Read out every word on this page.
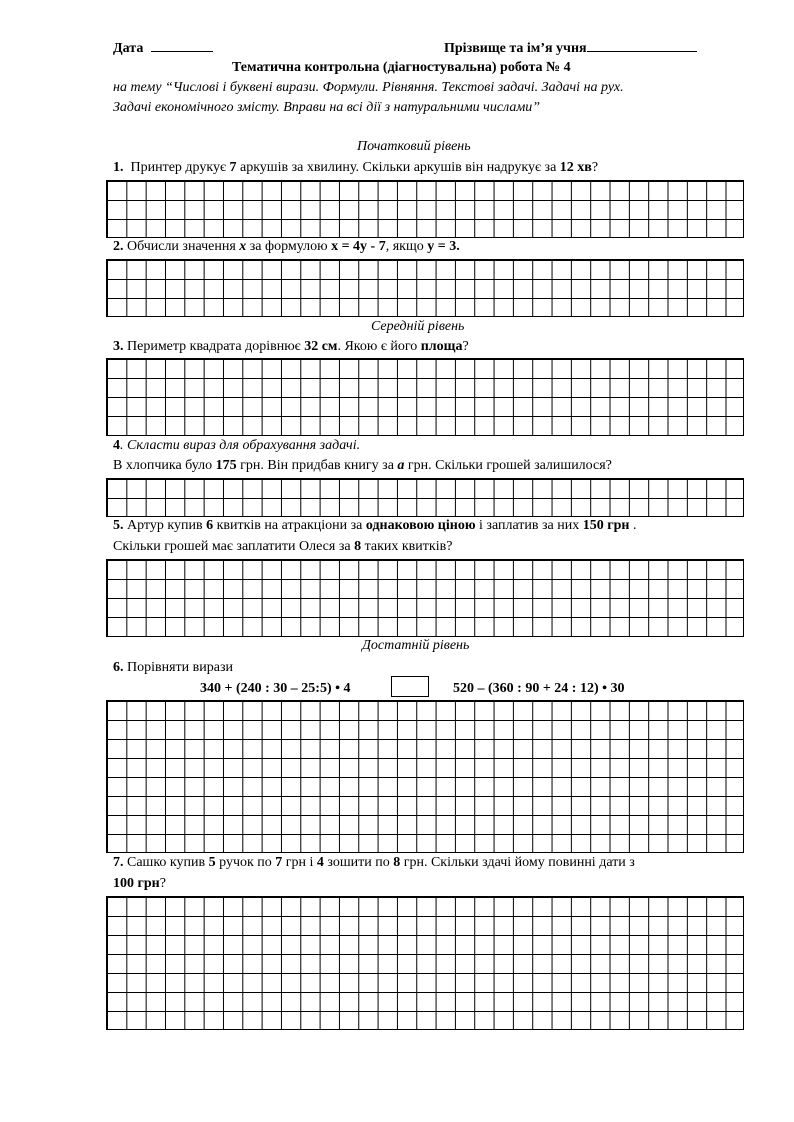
Дата	Прізвище та ім’я учня
Тематична контрольна (діагностувальна) робота № 4
на тему “Числові і буквені вирази. Формули. Рівняння. Текстові задачі. Задачі на рух.
Задачі економічного змісту. Вправи на всі дії з натуральними числами”
Початковий рівень
1. Принтер друкує 7 аркушів за хвилину. Скільки аркушів він надрукує за 12 хв?
2. Обчисли значення x за формулою x = 4y - 7, якщо y = 3.
Середній рівень
3. Периметр квадрата дорівнює 32 см. Якою є його площа?
4. Скласти вираз для обрахування задачі.
В хлопчика було 175 грн. Він придбав книгу за а грн. Скільки грошей залишилося?
5. Артур купив 6 квитків на атракціони за однаковою ціною і заплатив за них 150 грн .
Скільки грошей має заплатити Олеся за 8 таких квитків?
Достатній рівень
6. Порівняти вирази
340 + (240 : 30 – 25:5) • 4	520 – (360 : 90 + 24 : 12) • 30
7. Сашко купив 5 ручок по 7 грн і 4 зошити по 8 грн. Скільки здачі йому повинні дати з
100 грн?
